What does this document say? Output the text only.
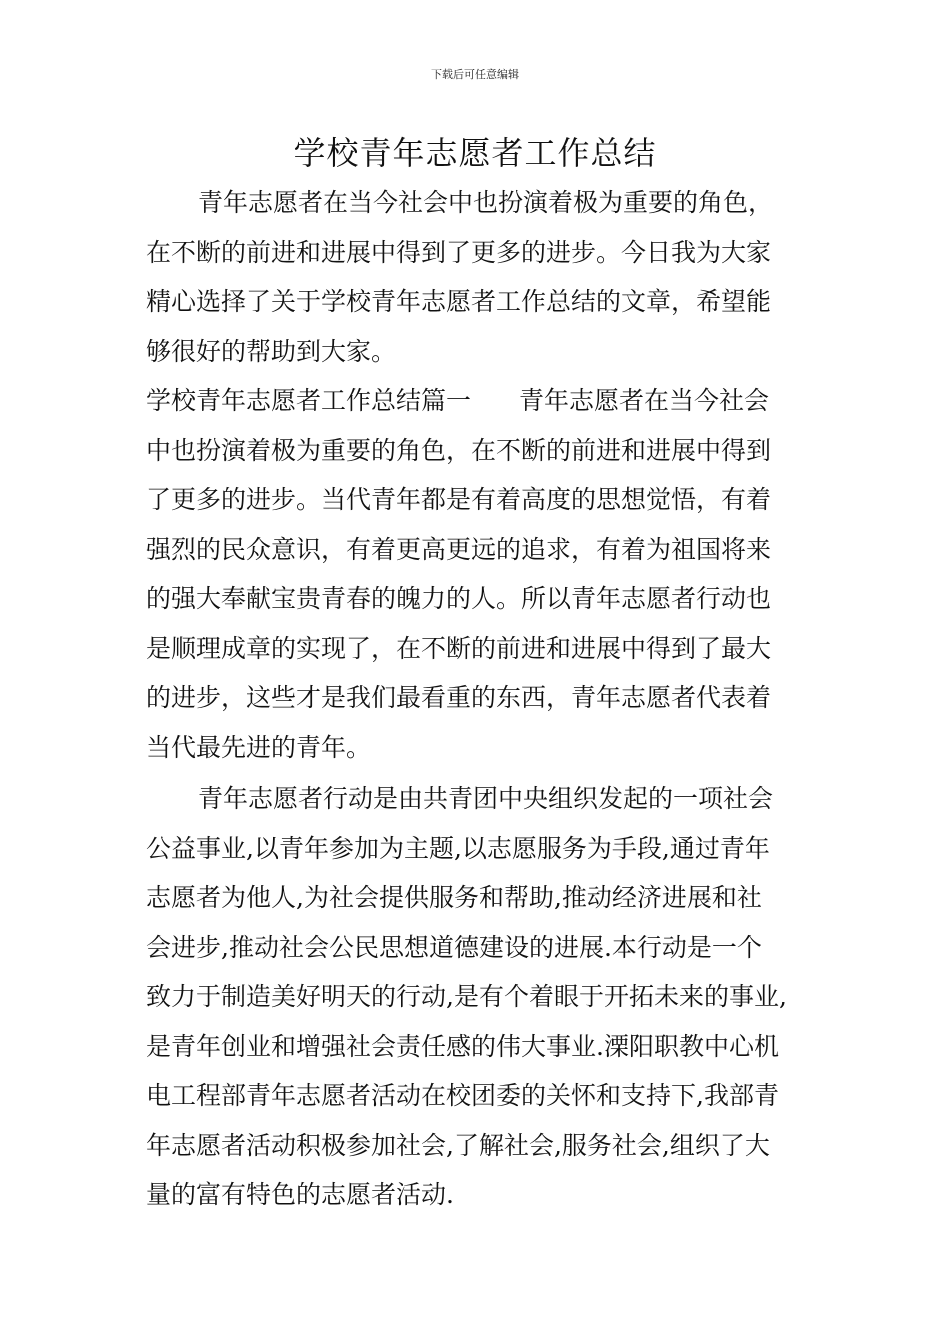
下载后可任意编辑
学校青年志愿者工作总结
青年志愿者在当今社会中也扮演着极为重要的角色，
在不断的前进和进展中得到了更多的进步。今日我为大家
精心选择了关于学校青年志愿者工作总结的文章，希望能
够很好的帮助到大家。
学校青年志愿者工作总结篇一 青年志愿者在当今社会
中也扮演着极为重要的角色，在不断的前进和进展中得到
了更多的进步。当代青年都是有着高度的思想觉悟，有着
强烈的民众意识，有着更高更远的追求，有着为祖国将来
的强大奉献宝贵青春的魄力的人。所以青年志愿者行动也
是顺理成章的实现了，在不断的前进和进展中得到了最大
的进步，这些才是我们最看重的东西，青年志愿者代表着
当代最先进的青年。
青年志愿者行动是由共青团中央组织发起的一项社会
公益事业,以青年参加为主题,以志愿服务为手段,通过青年
志愿者为他人,为社会提供服务和帮助,推动经济进展和社
会进步,推动社会公民思想道德建设的进展.本行动是一个
致力于制造美好明天的行动,是有个着眼于开拓未来的事业,
是青年创业和增强社会责任感的伟大事业.溧阳职教中心机
电工程部青年志愿者活动在校团委的关怀和支持下,我部青
年志愿者活动积极参加社会,了解社会,服务社会,组织了大
量的富有特色的志愿者活动.
